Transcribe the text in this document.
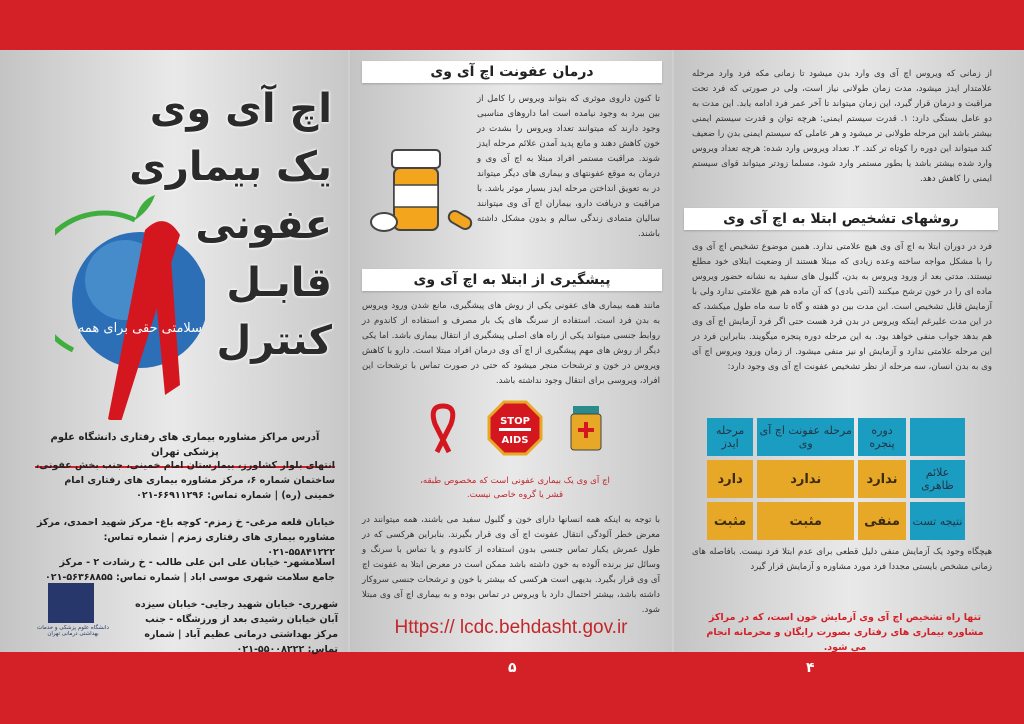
۵	۴
اچ آی وی
یک بیماری عفونی
قابـل
کنترل
سلامتی حقی برای همه
آدرس مراکز مشاوره بیماری های رفتاری دانشگاه علوم پزشکی تهران
انتهای بلوار کشاورز، بیمارستان امام خمینی، جنب بخش عفونی، ساختمان شماره ۶، مرکز مشاوره بیماری های رفتاری امام خمینی (ره) | شماره تماس: ۶۶۹۱۱۲۹۶-۰۲۱
خیابان قلعه مرغی- خ زمزم- کوچه باغ- مرکز شهید احمدی، مرکز مشاوره بیماری های رفتاری زمزم | شماره تماس: ۵۵۸۴۱۲۲۲-۰۲۱
اسلامشهر- خیابان علی ابن علی طالب - خ رشادت ۲ - مرکز جامع سلامت شهری موسی اباد | شماره تماس: ۵۶۳۶۸۸۵۵-۰۲۱
شهرری- خیابان شهید رجایی- خیابان سیزده آبان خیابان رشیدی بعد از ورزشگاه - جنب مرکز بهداشتی درمانی عظیم آباد | شماره تماس: ۵۵۰۰۸۲۲۲-۰۲۱
دانشگاه علوم پزشکی و خدمات بهداشتی درمانی تهران
درمان عفونت اچ آی وی
تا کنون داروی موثری که بتواند ویروس را کامل از بین ببرد به وجود نیامده است اما داروهای مناسبی وجود دارند که میتوانند تعداد ویروس را بشدت در خون کاهش دهند و مانع پدید آمدن علائم مرحله ایدز شوند. مراقبت مستمر افراد مبتلا به اچ آی وی و درمان به موقع عفونتهای و بیماری های دیگر میتواند در به تعویق انداختن مرحله ایدز بسیار موثر باشد. با مراقبت و دریافت دارو، بیماران اچ آی وی میتوانند سالیان متمادی زندگی سالم و بدون مشکل داشته باشند.
پیشگیری از ابتلا به اچ آی وی
مانند همه بیماری های عفونی یکی از روش های پیشگیری، مانع شدن ورود ویروس به بدن فرد است. استفاده از سرنگ های یک بار مصرف و استفاده از کاندوم در روابط جنسی میتواند یکی از راه های اصلی پیشگیری از انتقال بیماری باشد. اما یکی دیگر از روش های مهم پیشگیری از اچ آی وی درمان افراد مبتلا است. دارو با کاهش ویروس در خون و ترشحات منجر میشود که حتی در صورت تماس با ترشحات این افراد، ویروسی برای انتقال وجود نداشته باشد.
STOP
AIDS
اچ آی وی یک بیماری عفونی است که مخصوص طبقه، قشر یا گروه خاصی نیست.
با توجه به اینکه همه انسانها دارای خون و گلبول سفید می باشند، همه میتوانند در معرض خطر آلودگی انتقال عفونت اچ آی وی قرار بگیرند. بنابراین هرکسی که در طول عمرش یکبار تماس جنسی بدون استفاده از کاندوم و یا تماس با سرنگ و وسائل تیز برنده آلوده به خون داشته باشد ممکن است در معرض ابتلا به عفونت اچ آی وی قرار بگیرد. بدیهی است هرکسی که بیشتر با خون و ترشحات جنسی سروکار داشته باشد، بیشتر احتمال دارد با ویروس در تماس بوده و به بیماری اچ آی وی مبتلا شود.
Https:// lcdc.behdasht.gov.ir
از زمانی که ویروس اچ آی وی وارد بدن میشود تا زمانی مکه فرد وارد مرحله علامتدار ایدز میشود، مدت زمان طولانی نیاز است، ولی در صورتی که فرد تحت مراقبت و درمان قرار گیرد، این زمان میتواند تا آخر عمر فرد ادامه یابد. این مدت به دو عامل بستگی دارد: ۱. قدرت سیستم ایمنی: هرچه توان و قدرت سیستم ایمنی بیشتر باشد این مرحله طولانی تر میشود و هر عاملی که سیستم ایمنی بدن را ضعیف کند میتواند این دوره را کوتاه تر کند. ۲. تعداد ویروس وارد شده: هرچه تعداد ویروس وارد شده بیشتر باشد یا بطور مستمر وارد شود، مسلما زودتر میتواند قوای سیستم ایمنی را کاهش دهد.
روشهای تشخیص ابتلا به اچ آی وی
فرد در دوران ابتلا به اچ آی وی هیچ علامتی ندارد. همین موضوع تشخیص اچ آی وی را با مشکل مواجه ساخته وعده زیادی که مبتلا هستند از وضعیت ابتلای خود مطلع نیستند. مدتی بعد از ورود ویروس به بدن، گلبول های سفید به نشانه حضور ویروس ماده ای را در خون ترشح میکنند (آنتی بادی) که آن ماده هم هیچ علامتی ندارد ولی با آزمایش قابل تشخیص است. این مدت بین دو هفته و گاه تا سه ماه طول میکشد، که در این مدت علیرغم اینکه ویروس در بدن فرد هست حتی اگر فرد آزمایش اچ آی وی هم بدهد جواب منفی خواهد بود. به این مرحله دوره پنجره میگویند. بنابراین فرد در این مرحله علامتی ندارد و آزمایش او نیز منفی میشود. از زمان ورود ویروس اچ آی وی به بدن انسان، سه مرحله از نظر تشخیص عفونت اچ آی وی وجود دارد:
	دوره پنجره	مرحله عفونت اچ آی وی	مرحله ایدز
علائم ظاهری	ندارد	ندارد	دارد
نتیجه تست	منفی	مثبت	مثبت
هیچگاه وجود یک آزمایش منفی دلیل قطعی برای عدم ابتلا فرد نیست. بافاصله های زمانی مشخص بایستی مجددا فرد مورد مشاوره و آزمایش قرار گیرد
تنها راه تشخیص اچ آی وی آزمایش خون است، که در مراکز مشاوره بیماری های رفتاری بصورت رایگان و محرمانه انجام می شود.
